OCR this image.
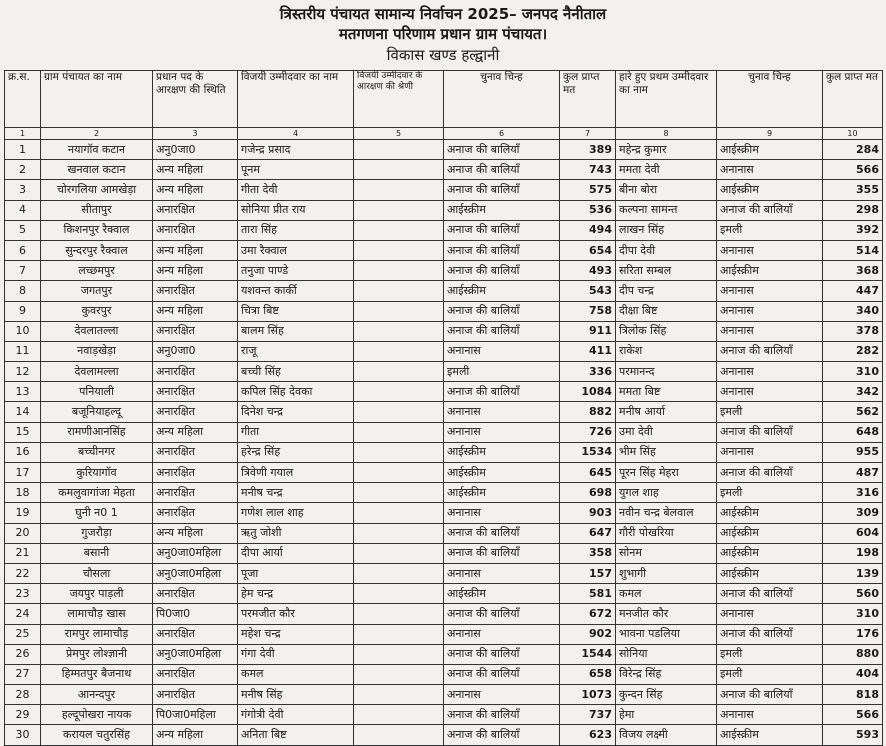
त्रिस्तरीय पंचायत सामान्य निर्वाचन 2025– जनपद नैनीताल
मतगणना परिणाम प्रधान ग्राम पंचायत।
विकास खण्ड हल्द्वानी
क्र.स.	ग्राम पंचायत का नाम	प्रधान पद के आरक्षण की स्थिति	विजयी उम्मीदवार का नाम	विजयी उम्मीदवार के आरक्षण की श्रेणी	चुनाव चिन्ह	कुल प्राप्त मत	हारे हुए प्रथम उम्मीदवार का नाम	चुनाव चिन्ह	कुल प्राप्त मत
1	2	3	4	5	6	7	8	9	10
1	नयागॉव कटान	अनु0जा0	गजेन्द्र प्रसाद		अनाज की बालियॉं	389	महेन्द्र कुमार	आईस्क्रीम	284
2	खनवाल कटान	अन्य महिला	पूनम		अनाज की बालियॉं	743	ममता देवी	अनानास	566
3	चोरगलिया आमखेड़ा	अन्य महिला	गीता देवी		अनाज की बालियॉं	575	बीना बोरा	आईस्क्रीम	355
4	सीतापुर	अनारक्षित	सोनिया प्रीत राय		आईस्क्रीम	536	कल्पना सामन्त	अनाज की बालियॉं	298
5	किशनपुर रैक्वाल	अनारक्षित	तारा सिंह		अनाज की बालियॉं	494	लाखन सिंह	इमली	392
6	सुन्दरपुर रैक्वाल	अन्य महिला	उमा रैक्वाल		अनाज की बालियॉं	654	दीपा देवी	अनानास	514
7	लच्छमपुर	अन्य महिला	तनुजा पाण्डे		अनाज की बालियॉं	493	सरिता सम्बल	आईस्क्रीम	368
8	जगतपुर	अनारक्षित	यशवन्त कार्की		आईस्क्रीम	543	दीप चन्द्र	अनानास	447
9	कुवरपुर	अन्य महिला	चित्रा बिष्ट		अनाज की बालियॉं	758	दीक्षा बिष्ट	अनानास	340
10	देवलातल्ला	अनारक्षित	बालम सिंह		अनाज की बालियॉं	911	त्रिलोक सिंह	अनानास	378
11	नवाड़खेड़ा	अनु0जा0	राजू		अनानास	411	राकेश	अनाज की बालियॉं	282
12	देवलामल्ला	अनारक्षित	बच्ची सिंह		इमली	336	परमानन्द	अनानास	310
13	पनियाली	अनारक्षित	कपिल सिंह देवका		अनाज की बालियॉं	1084	ममता बिष्ट	अनानास	342
14	बजूनियाहल्दू	अनारक्षित	दिनेश चन्द्र		अनानास	882	मनीष आर्या	इमली	562
15	रामणीआनसिंह	अन्य महिला	गीता		अनानास	726	उमा देवी	अनाज की बालियॉं	648
16	बच्चीनगर	अनारक्षित	हरेन्द्र सिंह		आईस्क्रीम	1534	भीम सिंह	अनानास	955
17	कुरियागॉव	अनारक्षित	त्रिवेणी गयाल		आईस्क्रीम	645	पूरन सिंह मेहरा	अनाज की बालियॉं	487
18	कमलुवागांजा मेहता	अनारक्षित	मनीष चन्द्र		आईस्क्रीम	698	युगल शाह	इमली	316
19	घुनी न0 1	अनारक्षित	गणेश लाल शाह		अनानास	903	नवीन चन्द्र बेलवाल	आईस्क्रीम	309
20	गुजरौड़ा	अन्य महिला	ऋतु जोशी		अनाज की बालियॉं	647	गौरी पोखरिया	आईस्क्रीम	604
21	बसानी	अनु0जा0महिला	दीपा आर्या		अनाज की बालियॉं	358	सोनम	आईस्क्रीम	198
22	चौसला	अनु0जा0महिला	पूजा		अनानास	157	शुभागी	आईस्क्रीम	139
23	जयपुर पाड़ली	अनारक्षित	हेम चन्द्र		आईस्क्रीम	581	कमल	अनाज की बालियॉं	560
24	लामाचौड़ खास	पि0जा0	परमजीत कौर		अनाज की बालियॉं	672	मनजीत कौर	अनानास	310
25	रामपुर लामाचौड़	अनारक्षित	महेश चन्द्र		अनानास	902	भावना पडलिया	अनाज की बालियॉं	176
26	प्रेमपुर लोश्ज्ञानी	अनु0जा0महिला	गंगा देवी		अनाज की बालियॉं	1544	सोनिया	इमली	880
27	हिम्मतपुर बैजनाथ	अनारक्षित	कमल		अनाज की बालियॉं	658	विरेन्द्र सिंह	इमली	404
28	आनन्दपुर	अनारक्षित	मनीष सिंह		अनानास	1073	कुन्दन सिंह	अनाज की बालियॉं	818
29	हल्दूपोखरा नायक	पि0जा0महिला	गंगोत्री देवी		अनाज की बालियॉं	737	हेमा	अनानास	566
30	करायल चतुरसिंह	अन्य महिला	अनिता बिष्ट		अनाज की बालियॉं	623	विजय लक्ष्मी	आईस्क्रीम	593
